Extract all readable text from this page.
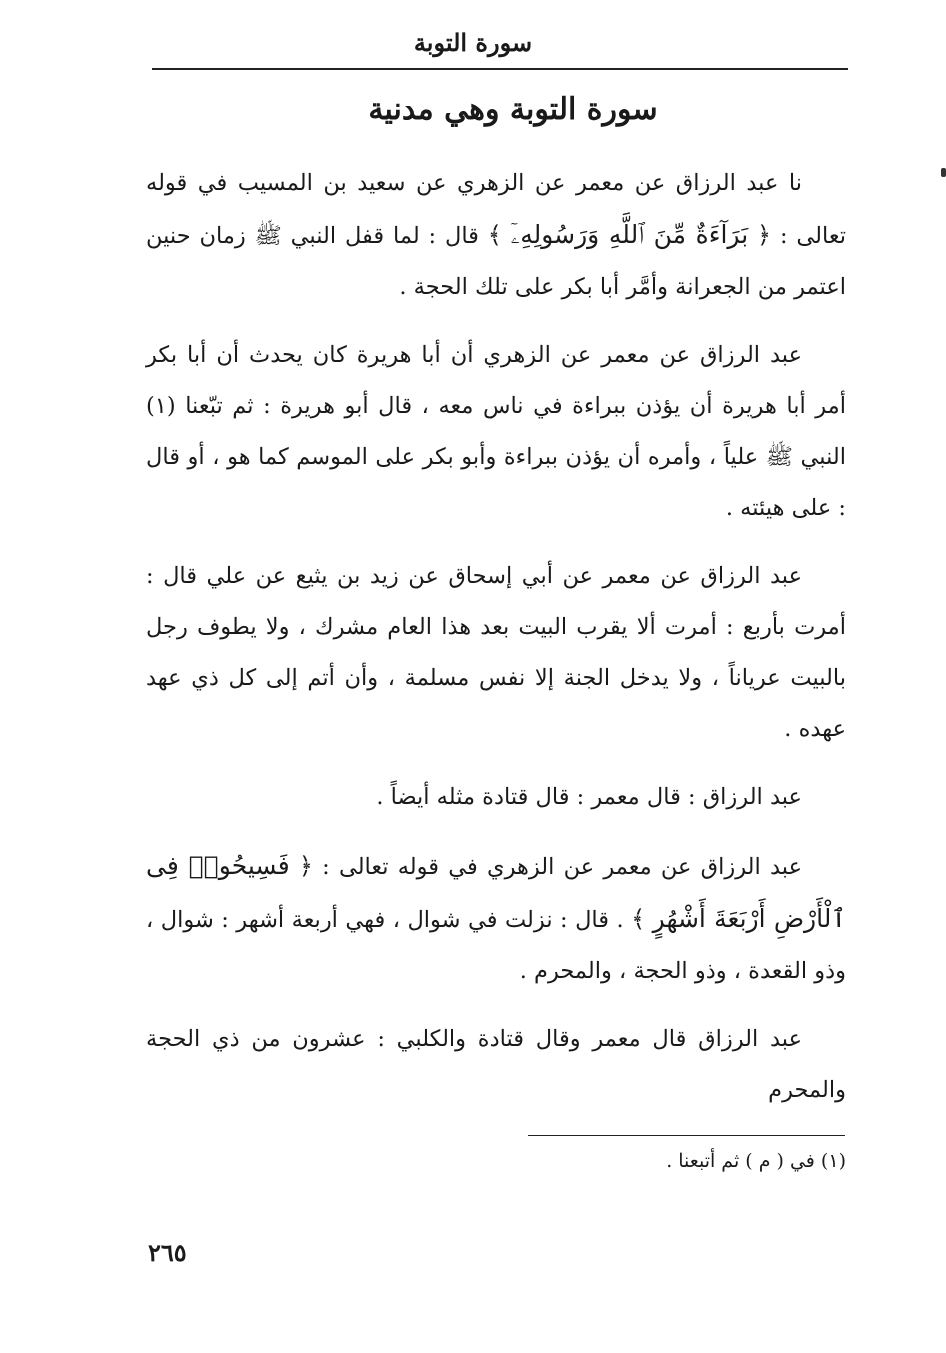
سورة التوبة
سورة التوبة وهي مدنية

نا عبد الرزاق عن معمر عن الزهري عن سعيد بن المسيب في قوله تعالى : ﴿ بَرَآءَةٌ مِّنَ ٱللَّهِ وَرَسُولِهِۦٓ ﴾ قال : لما قفل النبي ﷺ زمان حنين اعتمر من الجعرانة وأمَّر أبا بكر على تلك الحجة .

عبد الرزاق عن معمر عن الزهري أن أبا هريرة كان يحدث أن أبا بكر أمر أبا هريرة أن يؤذن ببراءة في ناس معه ، قال أبو هريرة : ثم تبّعنا (١) النبي ﷺ علياً ، وأمره أن يؤذن ببراءة وأبو بكر على الموسم كما هو ، أو قال : على هيئته .

عبد الرزاق عن معمر عن أبي إسحاق عن زيد بن يثيع عن علي قال : أمرت بأربع : أمرت ألا يقرب البيت بعد هذا العام مشرك ، ولا يطوف رجل بالبيت عرياناً ، ولا يدخل الجنة إلا نفس مسلمة ، وأن أتم إلى كل ذي عهد عهده .

عبد الرزاق : قال معمر : قال قتادة مثله أيضاً .

عبد الرزاق عن معمر عن الزهري في قوله تعالى : ﴿ فَسِيحُوا۟ فِى ٱلْأَرْضِ أَرْبَعَةَ أَشْهُرٍ ﴾ . قال : نزلت في شوال ، فهي أربعة أشهر : شوال ، وذو القعدة ، وذو الحجة ، والمحرم .

عبد الرزاق قال معمر وقال قتادة والكلبي : عشرون من ذي الحجة والمحرم

(١) في ( م ) ثم أتبعنا .
٢٦٥
